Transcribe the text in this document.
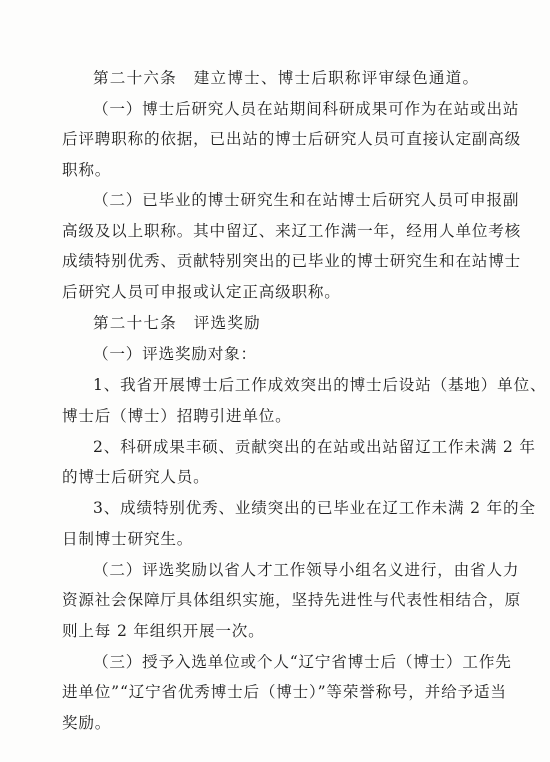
第二十六条　建立博士、博士后职称评审绿色通道。
（一）博士后研究人员在站期间科研成果可作为在站或出站
后评聘职称的依据，已出站的博士后研究人员可直接认定副高级
职称。
（二）已毕业的博士研究生和在站博士后研究人员可申报副
高级及以上职称。其中留辽、来辽工作满一年，经用人单位考核
成绩特别优秀、贡献特别突出的已毕业的博士研究生和在站博士
后研究人员可申报或认定正高级职称。
第二十七条　评选奖励
（一）评选奖励对象：
1、我省开展博士后工作成效突出的博士后设站（基地）单位、
博士后（博士）招聘引进单位。
2、科研成果丰硕、贡献突出的在站或出站留辽工作未满 2 年
的博士后研究人员。
3、成绩特别优秀、业绩突出的已毕业在辽工作未满 2 年的全
日制博士研究生。
（二）评选奖励以省人才工作领导小组名义进行，由省人力
资源社会保障厅具体组织实施，坚持先进性与代表性相结合，原
则上每 2 年组织开展一次。
（三）授予入选单位或个人“辽宁省博士后（博士）工作先
进单位”“辽宁省优秀博士后（博士）”等荣誉称号，并给予适当
奖励。
